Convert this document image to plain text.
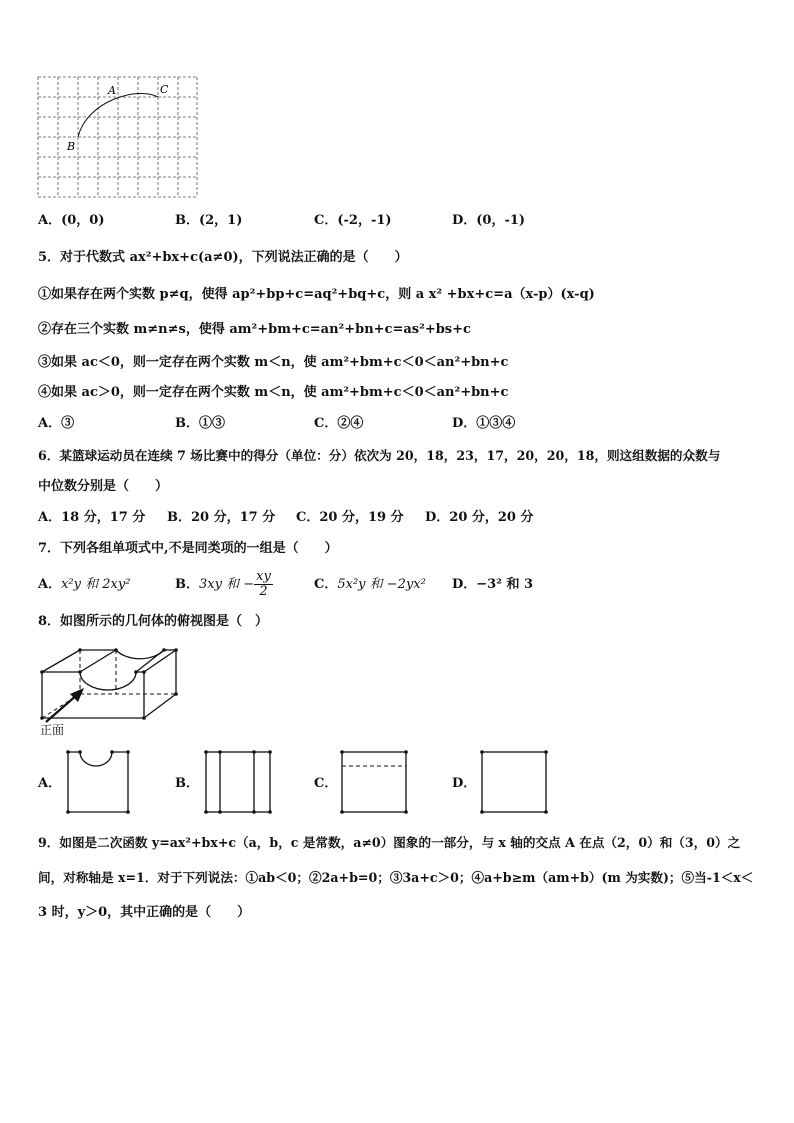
A	C
B
A．(0，0)	B．(2，1)	C．(-2，-1)	D．(0，-1)
5．对于代数式 ax²+bx+c(a≠0)，下列说法正确的是（　　）
①如果存在两个实数 p≠q，使得 ap²+bp+c=aq²+bq+c，则 a x² +bx+c=a（x-p）(x-q)
②存在三个实数 m≠n≠s，使得 am²+bm+c=an²+bn+c=as²+bs+c
③如果 ac＜0，则一定存在两个实数 m＜n，使 am²+bm+c＜0＜an²+bn+c
④如果 ac＞0，则一定存在两个实数 m＜n，使 am²+bm+c＜0＜an²+bn+c
A．③	B．①③	C．②④	D．①③④
6．某篮球运动员在连续 7 场比赛中的得分（单位：分）依次为 20，18，23，17，20，20，18，则这组数据的众数与
中位数分别是（　　）
A．18 分，17 分 B．20 分，17 分 C．20 分，19 分 D．20 分，20 分
7．下列各组单项式中,不是同类项的一组是（　　）
A．x²y 和 2xy²	B．3xy 和 − $\frac{xy}{2}$	C．5x²y 和 −2yx² D．−3² 和 3
8．如图所示的几何体的俯视图是（　）
正面
A．	B．	C．	D．
9．如图是二次函数 y=ax²+bx+c（a，b，c 是常数，a≠0）图象的一部分，与 x 轴的交点 A 在点（2，0）和（3，0）之
间，对称轴是 x=1．对于下列说法：①ab＜0；②2a+b=0；③3a+c＞0；④a+b≥m（am+b）(m 为实数)；⑤当-1＜x＜
3 时，y＞0，其中正确的是（　　）
